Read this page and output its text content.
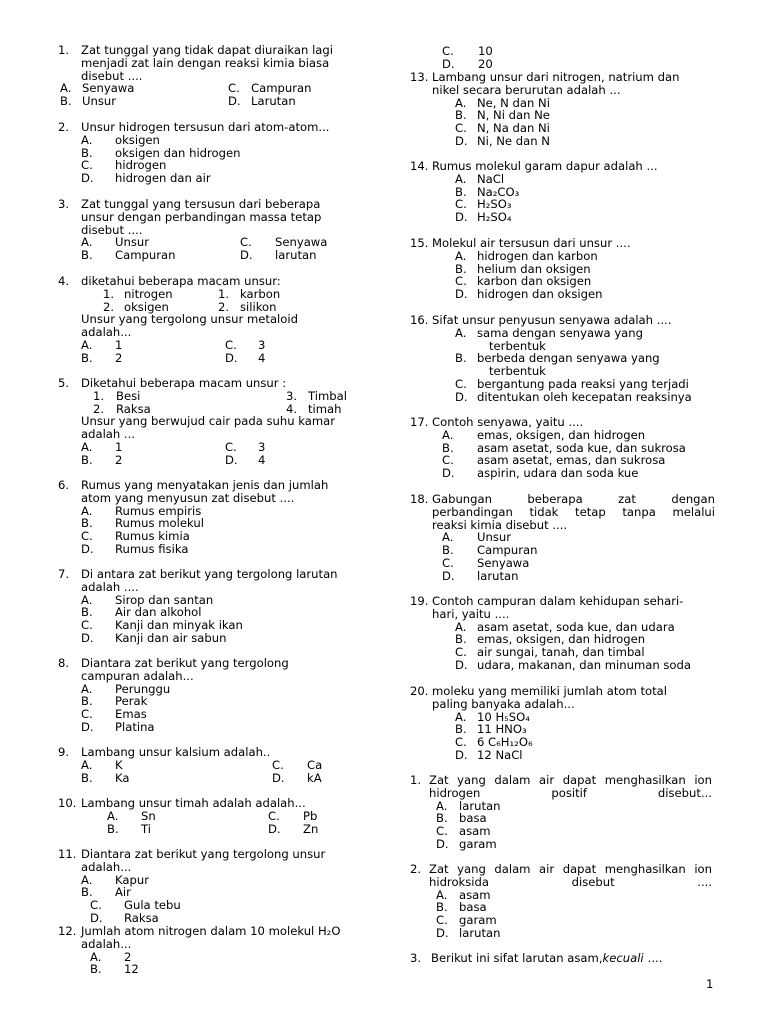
1. Zat tunggal yang tidak dapat diuraikan lagi
menjadi zat lain dengan reaksi kimia biasa
disebut ....
A. Senyawa	C. Campuran
B. Unsur	D. Larutan
2. Unsur hidrogen tersusun dari atom-atom...
A. oksigen
B. oksigen dan hidrogen
C. hidrogen
D. hidrogen dan air
3. Zat tunggal yang tersusun dari beberapa
unsur dengan perbandingan massa tetap
disebut ....
A. Unsur	C. Senyawa
B. Campuran	D. larutan
4. diketahui beberapa macam unsur:
1. nitrogen	1. karbon
2. oksigen	2. silikon
Unsur yang tergolong unsur metaloid
adalah...
A. 1	C. 3
B. 2	D. 4
5. Diketahui beberapa macam unsur :
1. Besi	3. Timbal
2. Raksa	4. timah
Unsur yang berwujud cair pada suhu kamar
adalah ...
A. 1	C. 3
B. 2	D. 4
6. Rumus yang menyatakan jenis dan jumlah
atom yang menyusun zat disebut ....
A. Rumus empiris
B. Rumus molekul
C. Rumus kimia
D. Rumus fisika
7. Di antara zat berikut yang tergolong larutan
adalah ....
A. Sirop dan santan
B. Air dan alkohol
C. Kanji dan minyak ikan
D. Kanji dan air sabun
8. Diantara zat berikut yang tergolong
campuran adalah...
A. Perunggu
B. Perak
C. Emas
D. Platina
9. Lambang unsur kalsium adalah..
A. K	C. Ca
B. Ka	D. kA
10. Lambang unsur timah adalah adalah...
A. Sn	C. Pb
B. Ti	D. Zn
11. Diantara zat berikut yang tergolong unsur
adalah...
A. Kapur
B. Air
C. Gula tebu
D. Raksa
12. Jumlah atom nitrogen dalam 10 molekul H₂O
adalah...
A. 2
B. 12
C. 10
D. 20
13. Lambang unsur dari nitrogen, natrium dan
nikel secara berurutan adalah ...
A. Ne, N dan Ni
B. N, Ni dan Ne
C. N, Na dan Ni
D. Ni, Ne dan N
14. Rumus molekul garam dapur adalah ...
A. NaCl
B. Na₂CO₃
C. H₂SO₃
D. H₂SO₄
15. Molekul air tersusun dari unsur ....
A. hidrogen dan karbon
B. helium dan oksigen
C. karbon dan oksigen
D. hidrogen dan oksigen
16. Sifat unsur penyusun senyawa adalah ....
A. sama dengan senyawa yang
terbentuk
B. berbeda dengan senyawa yang
terbentuk
C. bergantung pada reaksi yang terjadi
D. ditentukan oleh kecepatan reaksinya
17. Contoh senyawa, yaitu ....
A. emas, oksigen, dan hidrogen
B. asam asetat, soda kue, dan sukrosa
C. asam asetat, emas, dan sukrosa
D. aspirin, udara dan soda kue
18. Gabungan beberapa zat dengan
perbandingan tidak tetap tanpa melalui
reaksi kimia disebut ....
A. Unsur
B. Campuran
C. Senyawa
D. larutan
19. Contoh campuran dalam kehidupan sehari-
hari, yaitu ....
A. asam asetat, soda kue, dan udara
B. emas, oksigen, dan hidrogen
C. air sungai, tanah, dan timbal
D. udara, makanan, dan minuman soda
20. moleku yang memiliki jumlah atom total
paling banyaka adalah...
A. 10 H₅SO₄
B. 11 HNO₃
C. 6 C₆H₁₂O₆
D. 12 NaCl
1. Zat yang dalam air dapat menghasilkan ion
hidrogen positif disebut...
A. larutan
B. basa
C. asam
D. garam
2. Zat yang dalam air dapat menghasilkan ion
hidroksida disebut ....
A. asam
B. basa
C. garam
D. larutan
3. Berikut ini sifat larutan asam, kecuali ....
1
